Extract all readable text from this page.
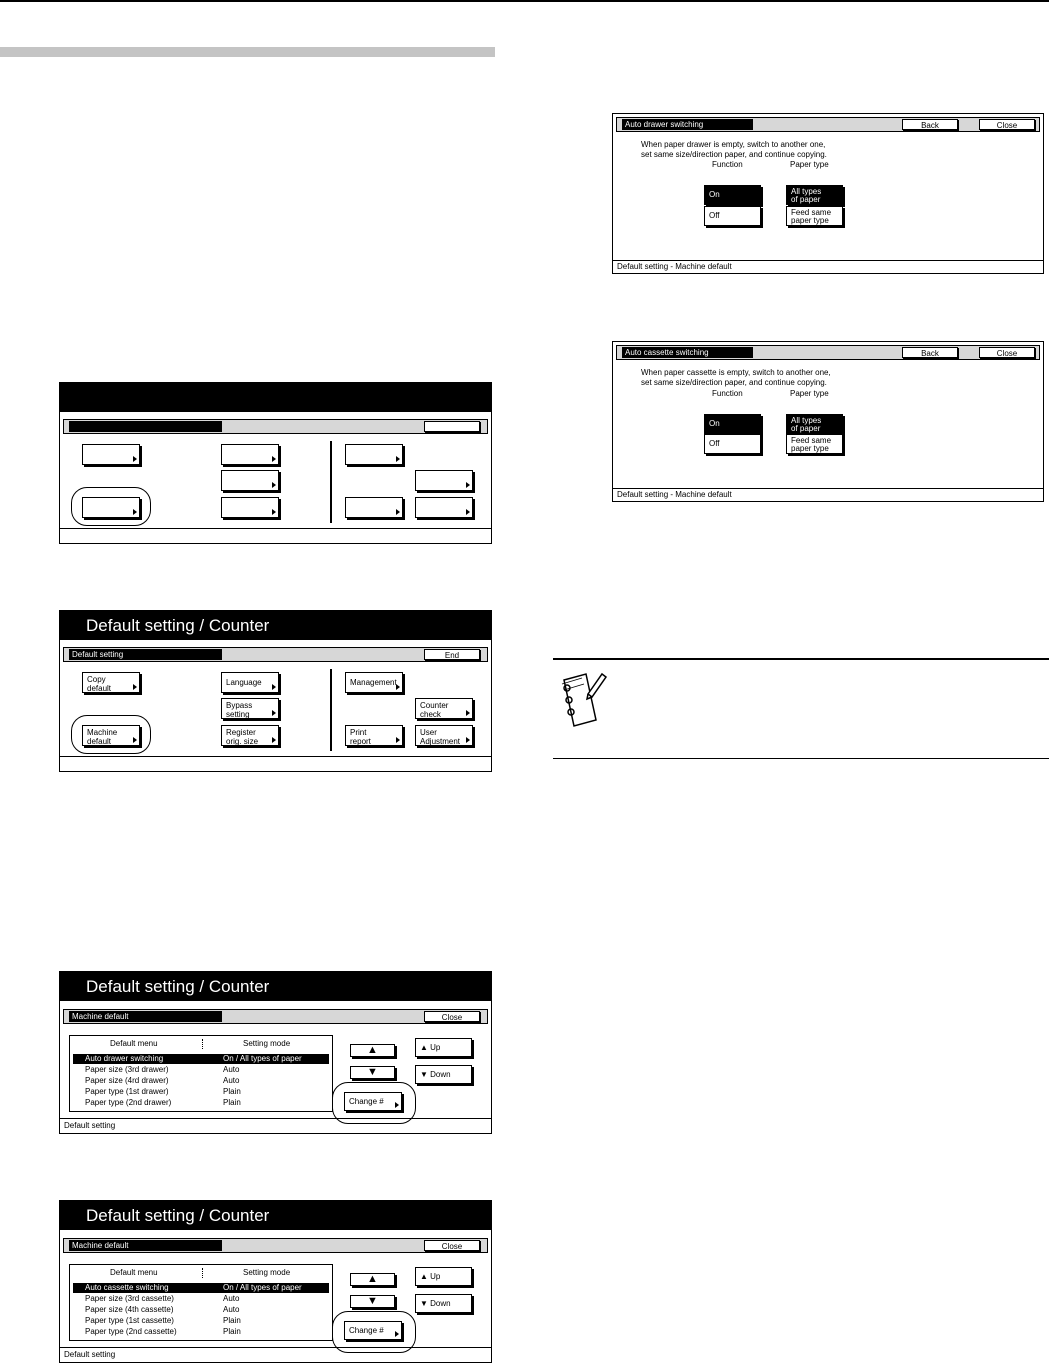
Default setting / Counter
Default setting	End
Copy
default
Machine
default
Language
Bypass
setting
Register
orig. size
Management
Counter
check
Print
report
User
Adjustment
Default setting / Counter
Machine default	Close
Default menu	Setting mode
Auto drawer switching	On / All types of paper
Paper size (3rd drawer)	Auto
Paper size (4rd drawer)	Auto
Paper type (1st drawer)	Plain
Paper type (2nd drawer)	Plain
▲
▼
▲ Up
▼ Down
Change #
Default setting
Default setting / Counter
Machine default	Close
Default menu	Setting mode
Auto cassette switching	On / All types of paper
Paper size (3rd cassette)	Auto
Paper size (4th cassette)	Auto
Paper type (1st cassette)	Plain
Paper type (2nd cassette)	Plain
▲
▼
▲ Up
▼ Down
Change #
Default setting
Auto drawer switching	Back	Close
When paper drawer is empty, switch to another one,
set same size/direction paper, and continue copying.
Function	Paper type
On
Off
All types
of paper
Feed same
paper type
Default setting - Machine default
Auto cassette switching	Back	Close
When paper cassette is empty, switch to another one,
set same size/direction paper, and continue copying.
Function	Paper type
On
Off
All types
of paper
Feed same
paper type
Default setting - Machine default
